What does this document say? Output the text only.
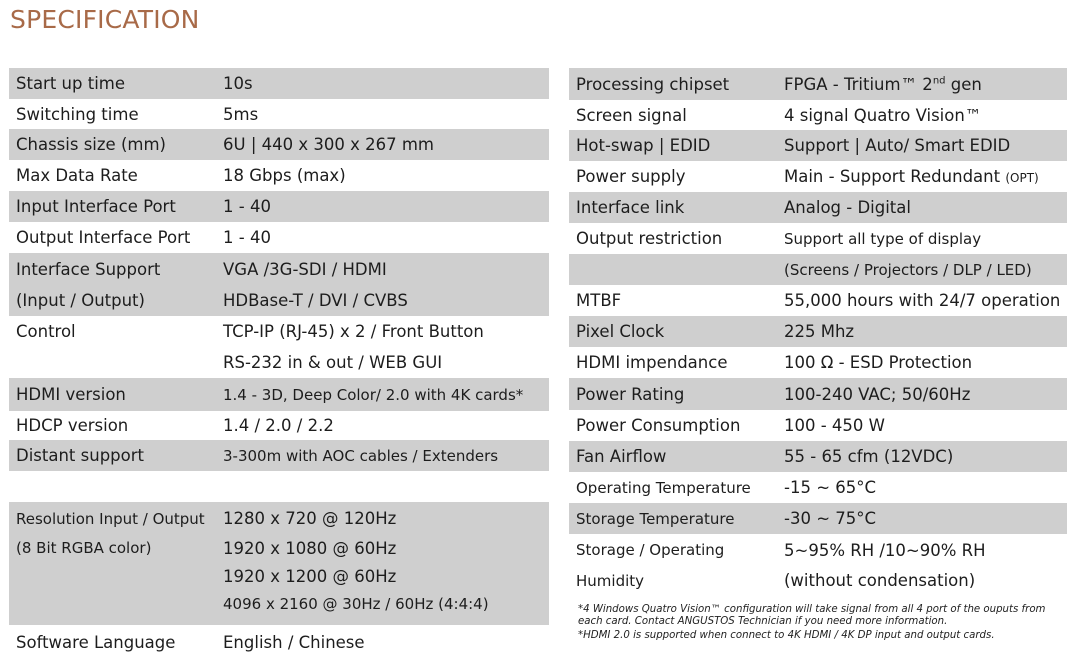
SPECIFICATION
Start up time	10s
Switching time	5ms
Chassis size (mm)	6U | 440 x 300 x 267 mm
Max Data Rate	18 Gbps (max)
Input Interface Port	1 - 40
Output Interface Port 1 - 40
Interface Support	VGA /3G-SDI / HDMI
(Input / Output)	HDBase-T / DVI / CVBS
Control	TCP-IP (RJ-45) x 2 / Front Button
RS-232 in & out / WEB GUI
HDMI version	1.4 - 3D, Deep Color/ 2.0 with 4K cards*
HDCP version	1.4 / 2.0 / 2.2
Distant support	3-300m with AOC cables / Extenders
Resolution Input / Output 1280 x 720 @ 120Hz
(8 Bit RGBA color)	1920 x 1080 @ 60Hz
1920 x 1200 @ 60Hz
4096 x 2160 @ 30Hz / 60Hz (4:4:4)
Software Language	English / Chinese
Processing chipset	FPGA - Tritium™ 2nd gen
Screen signal	4 signal Quatro Vision™
Hot-swap | EDID	Support | Auto/ Smart EDID
Power supply	Main - Support Redundant (OPT)
Interface link	Analog - Digital
Output restriction	Support all type of display
(Screens / Projectors / DLP / LED)
MTBF	55,000 hours with 24/7 operation
Pixel Clock	225 Mhz
HDMI impendance	100 Ω - ESD Protection
Power Rating	100-240 VAC; 50/60Hz
Power Consumption	100 - 450 W
Fan Airflow	55 - 65 cfm (12VDC)
Operating Temperature -15 ~ 65°C
Storage Temperature	-30 ~ 75°C
Storage / Operating	5~95% RH /10~90% RH
Humidity	(without condensation)
*4 Windows Quatro Vision™ configuration will take signal from all 4 port of the ouputs from
each card. Contact ANGUSTOS Technician if you need more information.
*HDMI 2.0 is supported when connect to 4K HDMI / 4K DP input and output cards.
